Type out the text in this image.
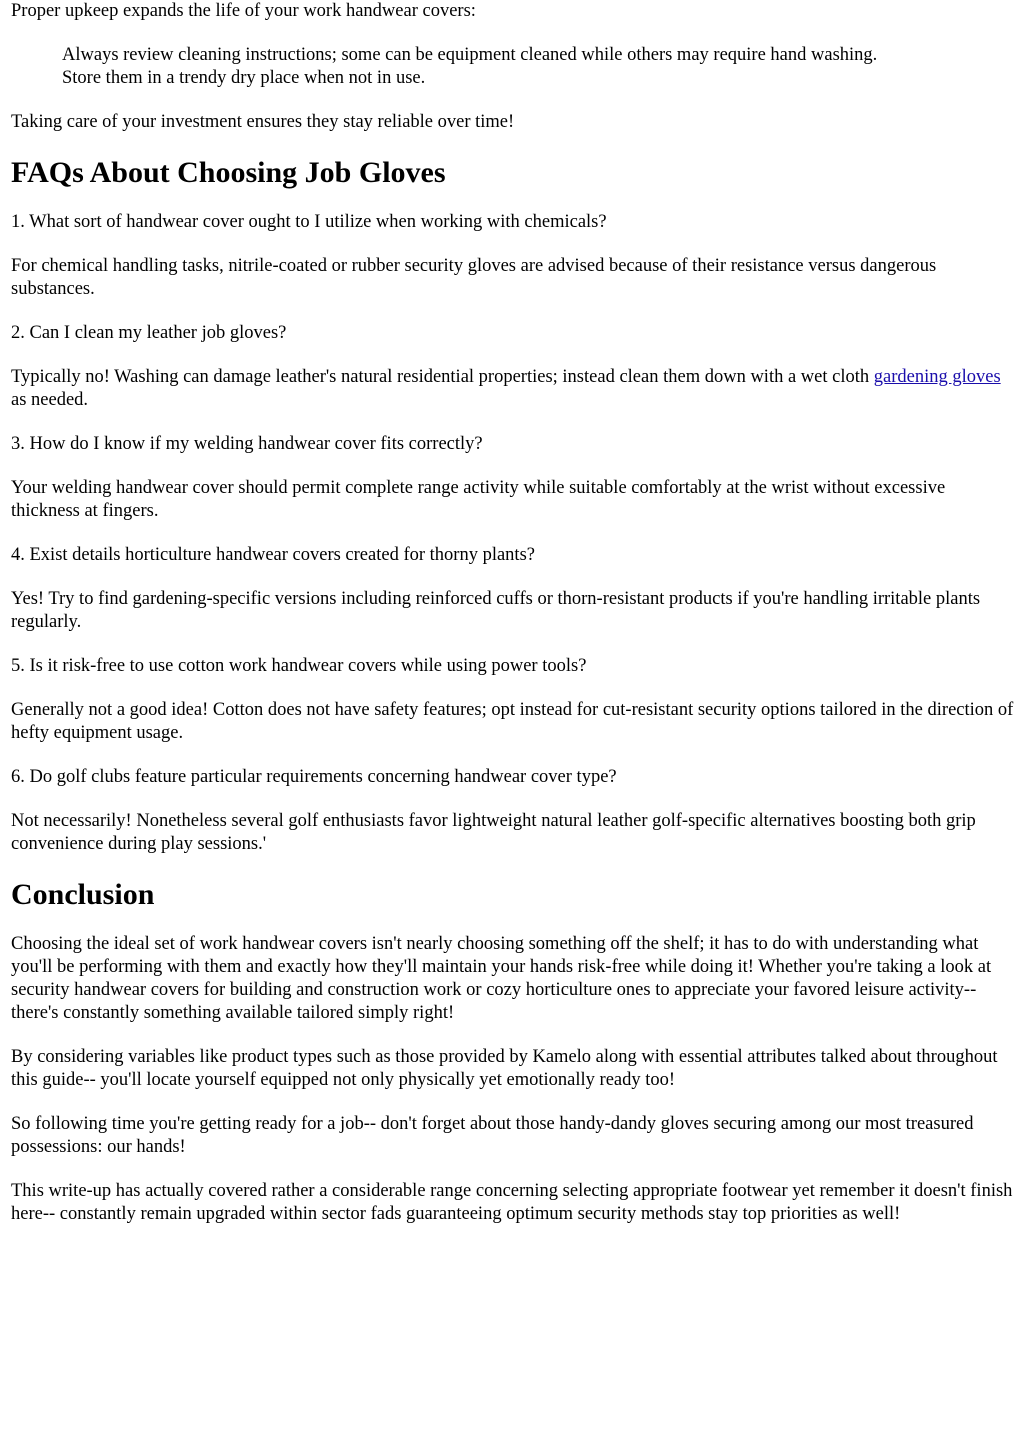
Proper upkeep expands the life of your work handwear covers:

Always review cleaning instructions; some can be equipment cleaned while others may require hand washing.

Store them in a trendy dry place when not in use.

Taking care of your investment ensures they stay reliable over time!

FAQs About Choosing Job Gloves

1. What sort of handwear cover ought to I utilize when working with chemicals?

For chemical handling tasks, nitrile-coated or rubber security gloves are advised because of their resistance versus dangerous substances.

2. Can I clean my leather job gloves?

Typically no! Washing can damage leather's natural residential properties; instead clean them down with a wet cloth gardening gloves as needed.

3. How do I know if my welding handwear cover fits correctly?

Your welding handwear cover should permit complete range activity while suitable comfortably at the wrist without excessive thickness at fingers.

4. Exist details horticulture handwear covers created for thorny plants?

Yes! Try to find gardening-specific versions including reinforced cuffs or thorn-resistant products if you're handling irritable plants regularly.

5. Is it risk-free to use cotton work handwear covers while using power tools?

Generally not a good idea! Cotton does not have safety features; opt instead for cut-resistant security options tailored in the direction of hefty equipment usage.

6. Do golf clubs feature particular requirements concerning handwear cover type?

Not necessarily! Nonetheless several golf enthusiasts favor lightweight natural leather golf-specific alternatives boosting both grip convenience during play sessions.'

Conclusion

Choosing the ideal set of work handwear covers isn't nearly choosing something off the shelf; it has to do with understanding what you'll be performing with them and exactly how they'll maintain your hands risk-free while doing it! Whether you're taking a look at security handwear covers for building and construction work or cozy horticulture ones to appreciate your favored leisure activity-- there's constantly something available tailored simply right!

By considering variables like product types such as those provided by Kamelo along with essential attributes talked about throughout this guide-- you'll locate yourself equipped not only physically yet emotionally ready too!

So following time you're getting ready for a job-- don't forget about those handy-dandy gloves securing among our most treasured possessions: our hands!

This write-up has actually covered rather a considerable range concerning selecting appropriate footwear yet remember it doesn't finish here-- constantly remain upgraded within sector fads guaranteeing optimum security methods stay top priorities as well!
